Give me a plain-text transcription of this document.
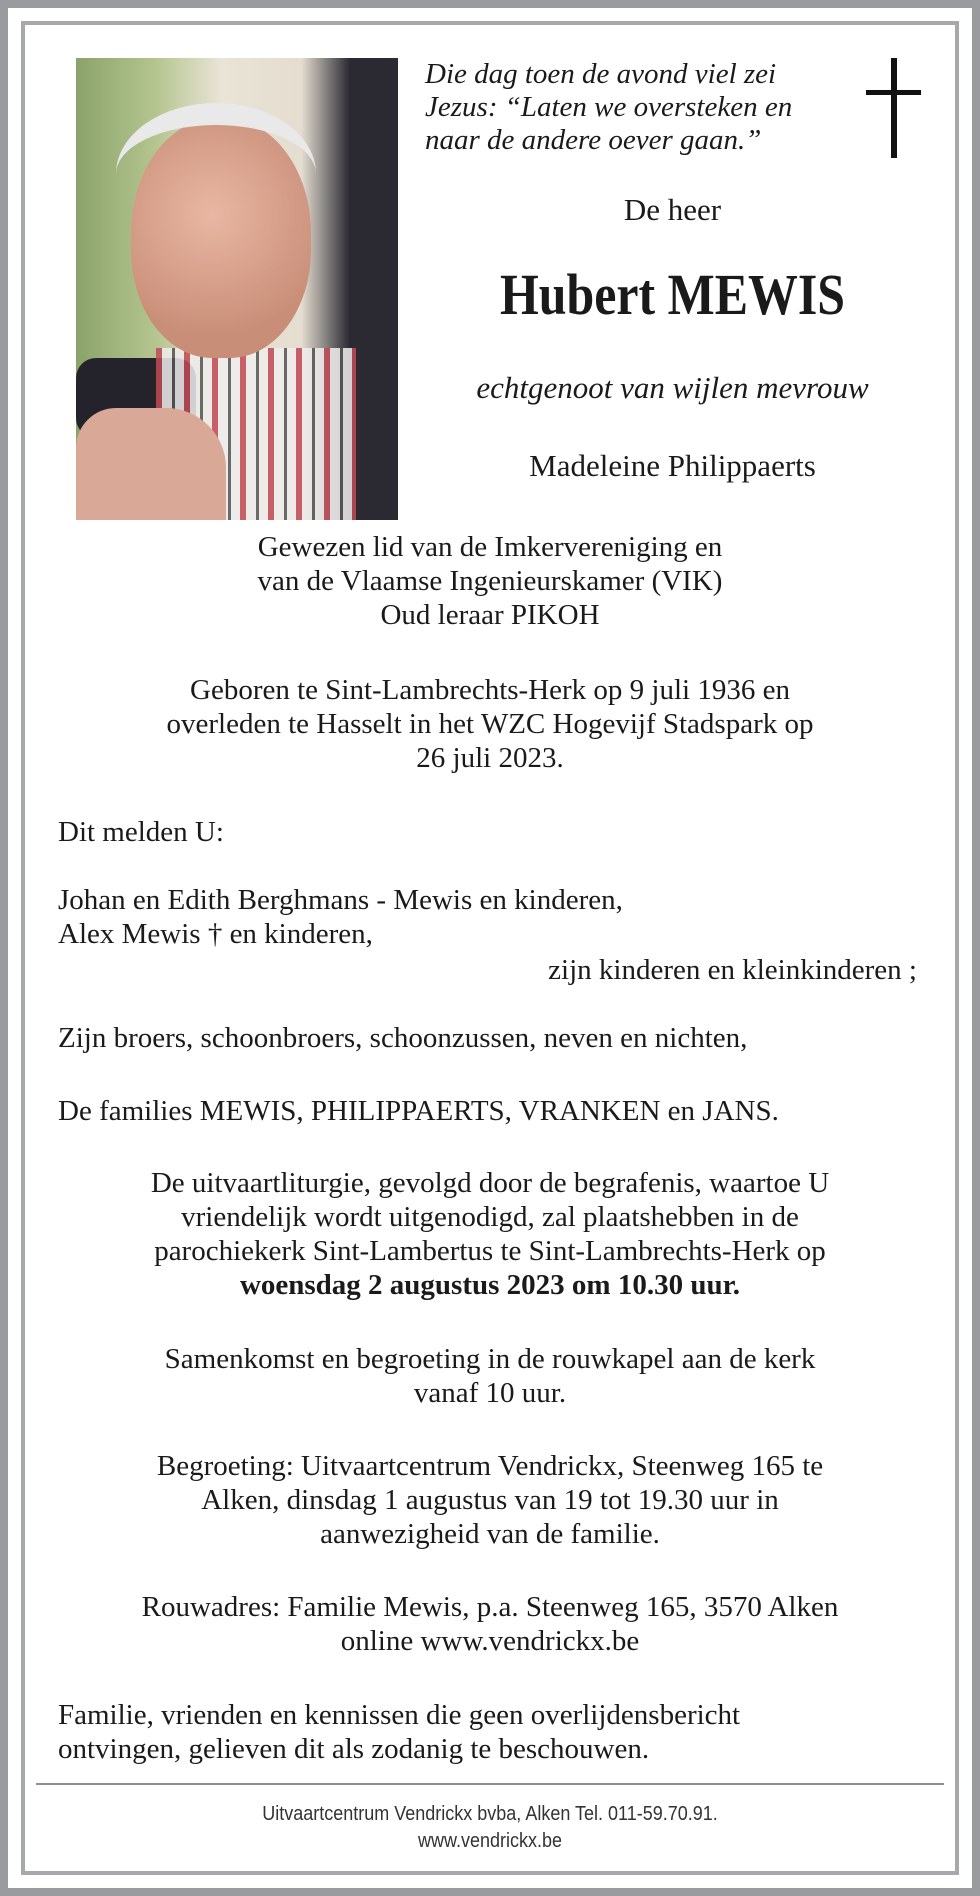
Die dag toen de avond viel zei
Jezus: “Laten we oversteken en
naar de andere oever gaan.”
De heer
Hubert MEWIS
echtgenoot van wijlen mevrouw
Madeleine Philippaerts
Gewezen lid van de Imkervereniging en
van de Vlaamse Ingenieurskamer (VIK)
Oud leraar PIKOH
Geboren te Sint-Lambrechts-Herk op 9 juli 1936 en
overleden te Hasselt in het WZC Hogevijf Stadspark op
26 juli 2023.
Dit melden U:
Johan en Edith Berghmans - Mewis en kinderen,
Alex Mewis † en kinderen,
zijn kinderen en kleinkinderen ;
Zijn broers, schoonbroers, schoonzussen, neven en nichten,
De families MEWIS, PHILIPPAERTS, VRANKEN en JANS.
De uitvaartliturgie, gevolgd door de begrafenis, waartoe U
vriendelijk wordt uitgenodigd, zal plaatshebben in de
parochiekerk Sint-Lambertus te Sint-Lambrechts-Herk op
woensdag 2 augustus 2023 om 10.30 uur.
Samenkomst en begroeting in de rouwkapel aan de kerk
vanaf 10 uur.
Begroeting: Uitvaartcentrum Vendrickx, Steenweg 165 te
Alken, dinsdag 1 augustus van 19 tot 19.30 uur in
aanwezigheid van de familie.
Rouwadres: Familie Mewis, p.a. Steenweg 165, 3570 Alken
online www.vendrickx.be
Familie, vrienden en kennissen die geen overlijdensbericht
ontvingen, gelieven dit als zodanig te beschouwen.
Uitvaartcentrum Vendrickx bvba, Alken Tel. 011-59.70.91.
www.vendrickx.be
